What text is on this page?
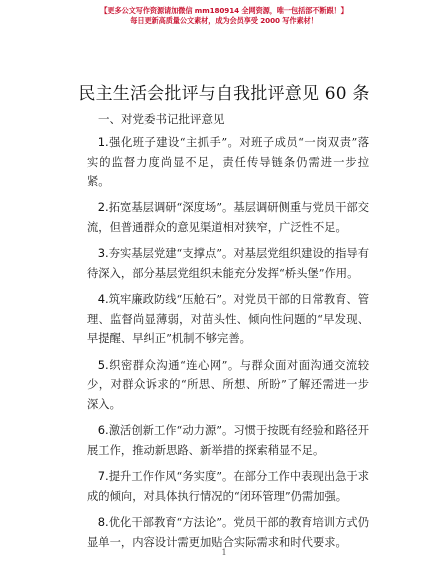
【更多公文写作资源请加微信 mm180914 全网资源，唯一包括部不断跟！】
每日更新高质量公文素材，成为会员享受 2000 写作素材！
民主生活会批评与自我批评意见 60 条
一、对党委书记批评意见

1.强化班子建设“主抓手”。对班子成员“一岗双责”落实的监督力度尚显不足，责任传导链条仍需进一步拉紧。

2.拓宽基层调研“深度场”。基层调研侧重与党员干部交流，但普通群众的意见渠道相对狭窄，广泛性不足。

3.夯实基层党建“支撑点”。对基层党组织建设的指导有待深入，部分基层党组织未能充分发挥“桥头堡”作用。

4.筑牢廉政防线“压舱石”。对党员干部的日常教育、管理、监督尚显薄弱，对苗头性、倾向性问题的“早发现、早提醒、早纠正”机制不够完善。

5.织密群众沟通“连心网”。与群众面对面沟通交流较少，对群众诉求的“所思、所想、所盼”了解还需进一步深入。

6.激活创新工作“动力源”。习惯于按既有经验和路径开展工作，推动新思路、新举措的探索稍显不足。

7.提升工作作风“务实度”。在部分工作中表现出急于求成的倾向，对具体执行情况的“闭环管理”仍需加强。

8.优化干部教育“方法论”。党员干部的教育培训方式仍显单一，内容设计需更加贴合实际需求和时代要求。

1
